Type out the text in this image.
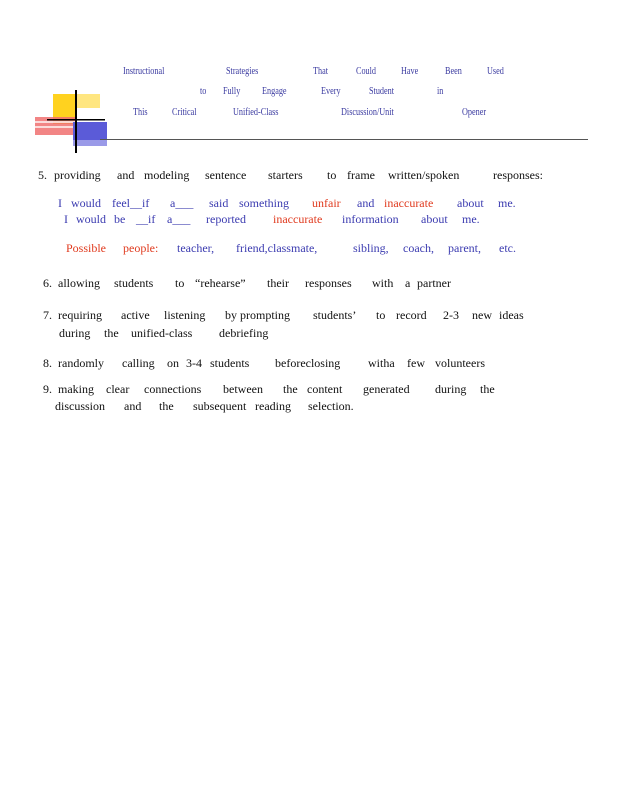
Instructional	Strategies	That	Could Have	Been Used
to Fully Engage	Every	Student	in
This Critical	Unified-Class	Discussion/Unit	Opener
5. providing and modeling sentence starters to frame written/spoken	responses:
I would feel__if a___ said something unfair and inaccurate about me.
I would be __if a___ reported inaccurate information about me.
Possible people: teacher, friend,classmate,	sibling, coach, parent, etc.
6. allowing students to “rehearse” their responses with a partner
7. requiring active listening by prompting students’ to record 2-3 new ideas
during the unified-class debriefing
8. randomly calling on 3-4 students beforeclosing witha few volunteers
9. making clear connections between the content generated during the
discussion and the subsequent reading selection.
